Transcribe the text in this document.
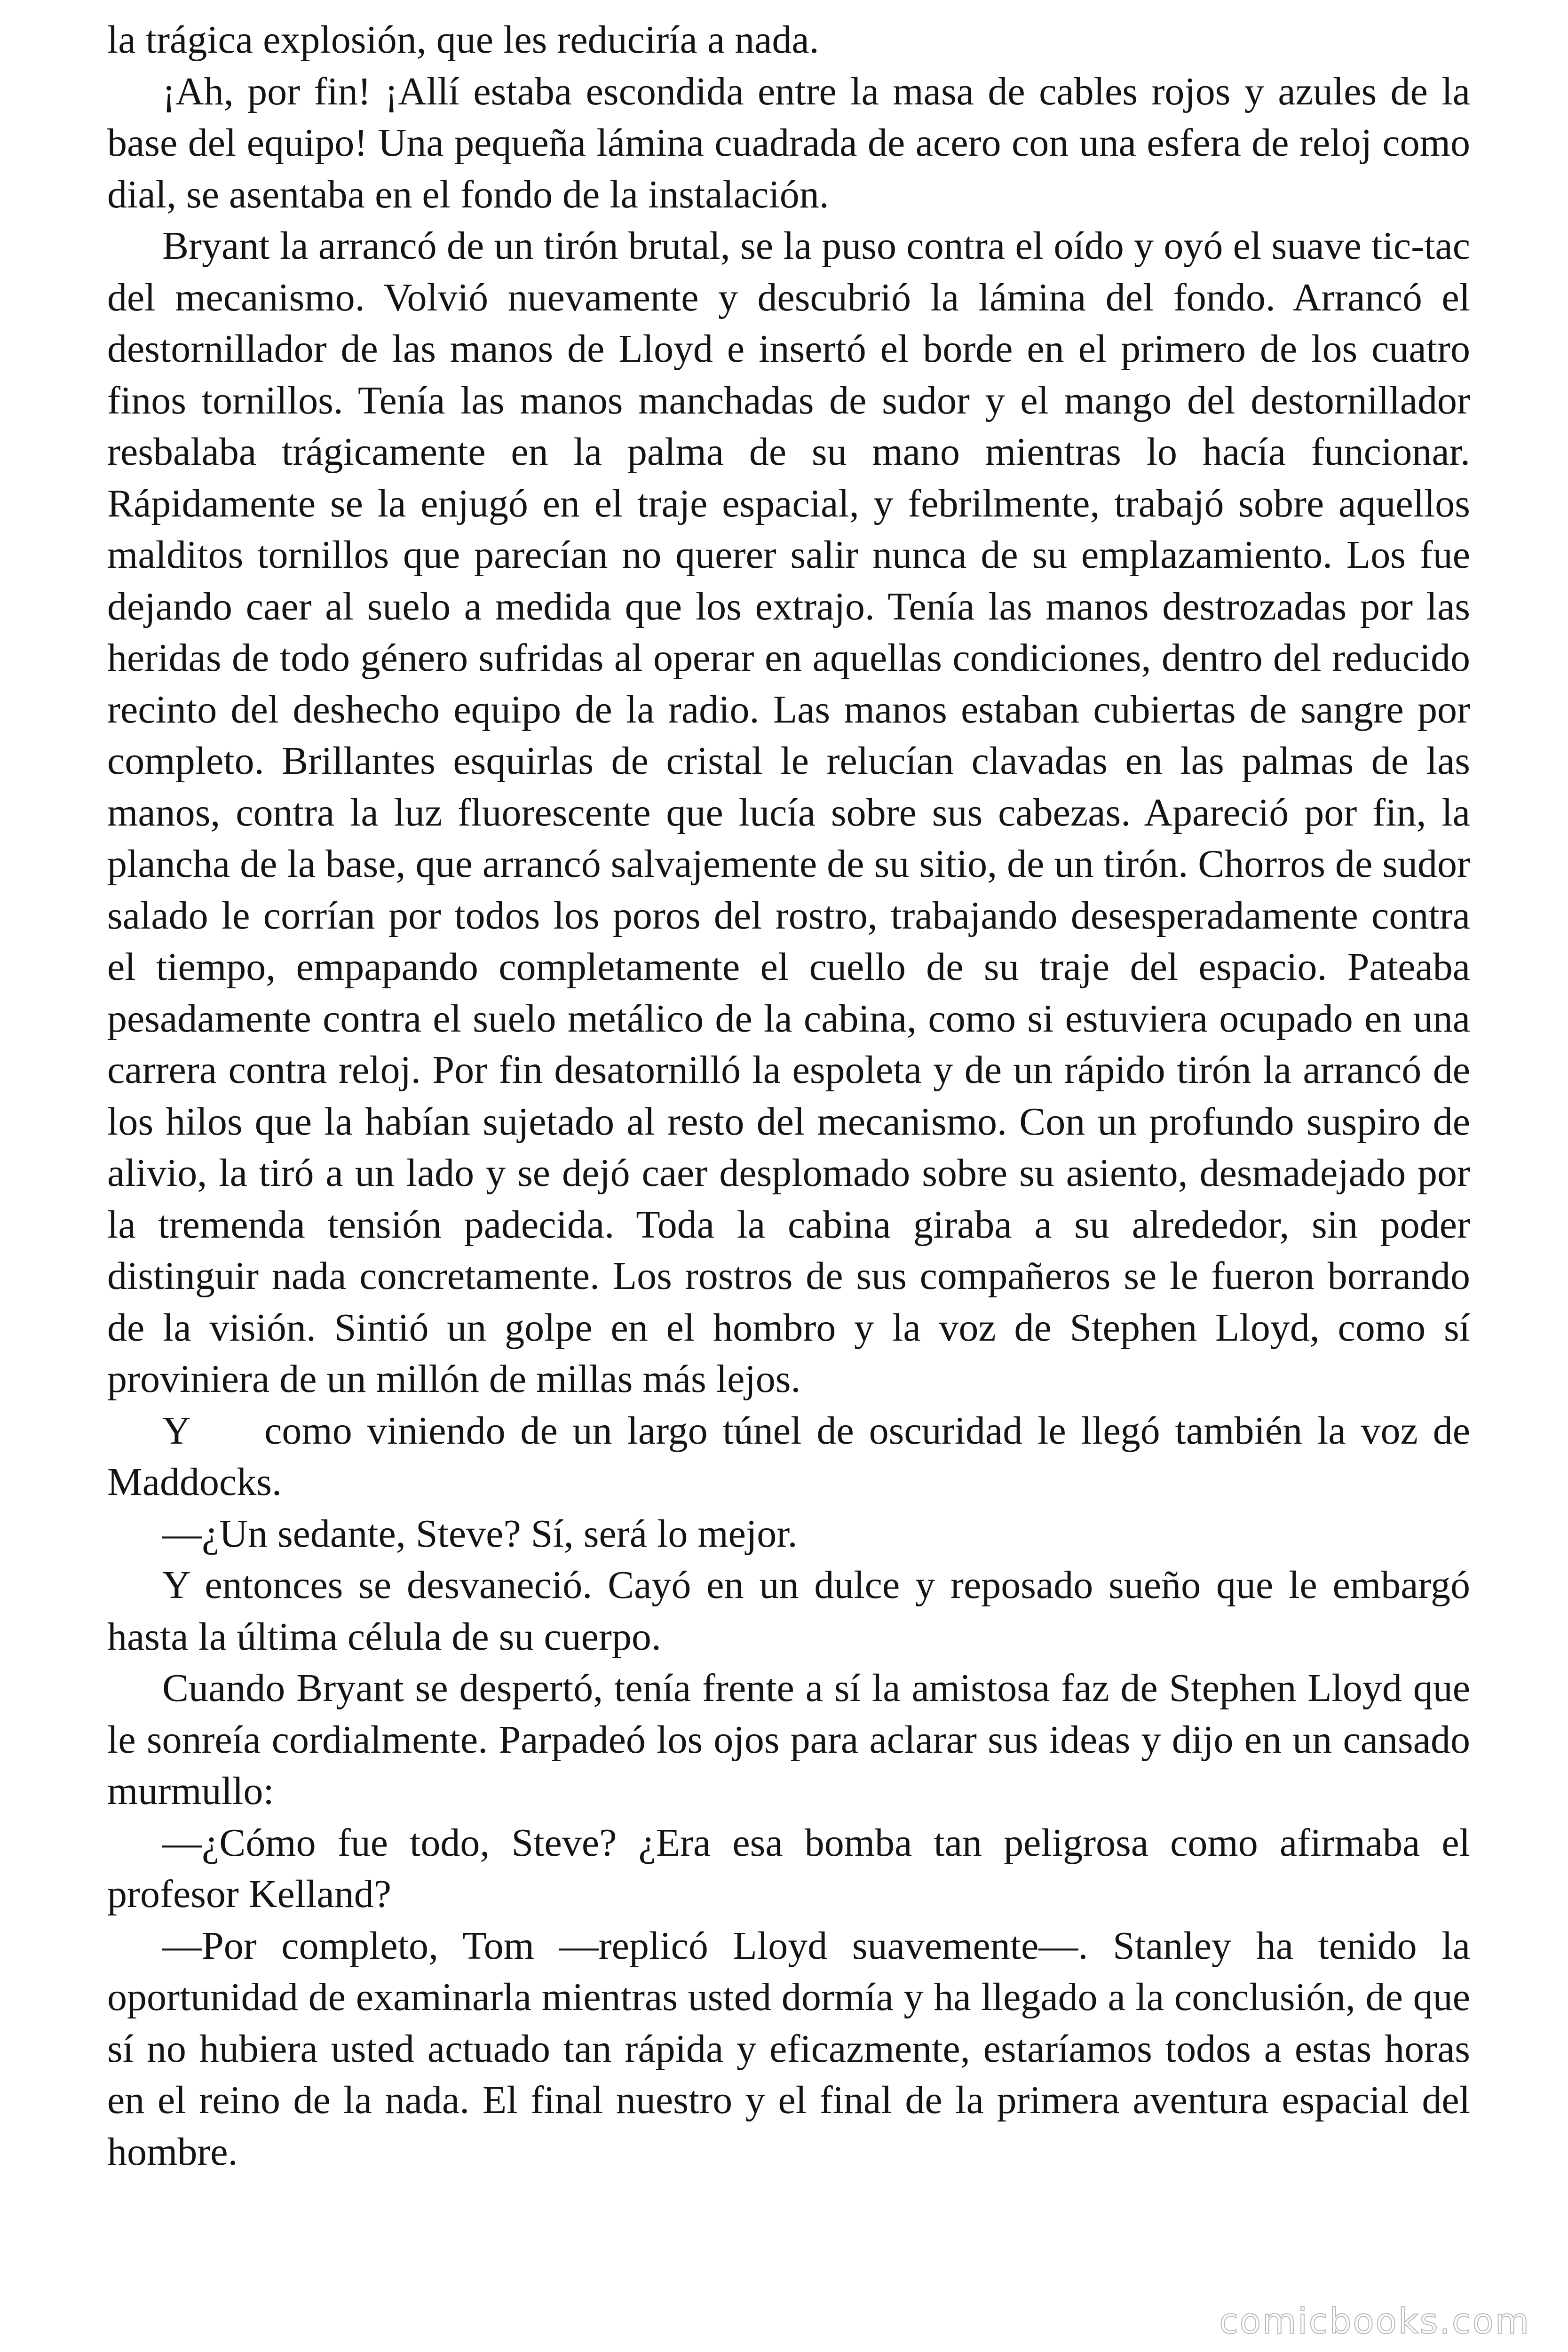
la trágica explosión, que les reduciría a nada.

¡Ah, por fin! ¡Allí estaba escondida entre la masa de cables rojos y azules de la base del equipo! Una pequeña lámina cuadrada de acero con una esfera de reloj como dial, se asentaba en el fondo de la instalación.

Bryant la arrancó de un tirón brutal, se la puso contra el oído y oyó el suave tic-tac del mecanismo. Volvió nuevamente y descubrió la lámina del fondo. Arrancó el destornillador de las manos de Lloyd e insertó el borde en el primero de los cuatro finos tornillos. Tenía las manos manchadas de sudor y el mango del destornillador resbalaba trágicamente en la palma de su mano mientras lo hacía funcionar. Rápidamente se la enjugó en el traje espacial, y febrilmente, trabajó sobre aquellos malditos tornillos que parecían no querer salir nunca de su emplazamiento. Los fue dejando caer al suelo a medida que los extrajo. Tenía las manos destrozadas por las heridas de todo género sufridas al operar en aquellas condiciones, dentro del reducido recinto del deshecho equipo de la radio. Las manos estaban cubiertas de sangre por completo. Brillantes esquirlas de cristal le relucían clavadas en las palmas de las manos, contra la luz fluorescente que lucía sobre sus cabezas. Apareció por fin, la plancha de la base, que arrancó salvajemente de su sitio, de un tirón. Chorros de sudor salado le corrían por todos los poros del rostro, trabajando desesperadamente contra el tiempo, empapando completamente el cuello de su traje del espacio. Pateaba pesadamente contra el suelo metálico de la cabina, como si estuviera ocupado en una carrera contra reloj. Por fin desatornilló la espoleta y de un rápido tirón la arrancó de los hilos que la habían sujetado al resto del mecanismo. Con un profundo suspiro de alivio, la tiró a un lado y se dejó caer desplomado sobre su asiento, desmadejado por la tremenda tensión padecida. Toda la cabina giraba a su alrededor, sin poder distinguir nada concretamente. Los rostros de sus compañeros se le fueron borrando de la visión. Sintió un golpe en el hombro y la voz de Stephen Lloyd, como sí proviniera de un millón de millas más lejos.

Y     como viniendo de un largo túnel de oscuridad le llegó también la voz de Maddocks.

—¿Un sedante, Steve? Sí, será lo mejor.

Y entonces se desvaneció. Cayó en un dulce y reposado sueño que le embargó hasta la última célula de su cuerpo.

Cuando Bryant se despertó, tenía frente a sí la amistosa faz de Stephen Lloyd que le sonreía cordialmente. Parpadeó los ojos para aclarar sus ideas y dijo en un cansado murmullo:

—¿Cómo fue todo, Steve? ¿Era esa bomba tan peligrosa como afirmaba el profesor Kelland?

—Por completo, Tom —replicó Lloyd suavemente—. Stanley ha tenido la oportunidad de examinarla mientras usted dormía y ha llegado a la conclusión, de que sí no hubiera usted actuado tan rápida y eficazmente, estaríamos todos a estas horas en el reino de la nada. El final nuestro y el final de la primera aventura espacial del hombre.

comicbooks.com
